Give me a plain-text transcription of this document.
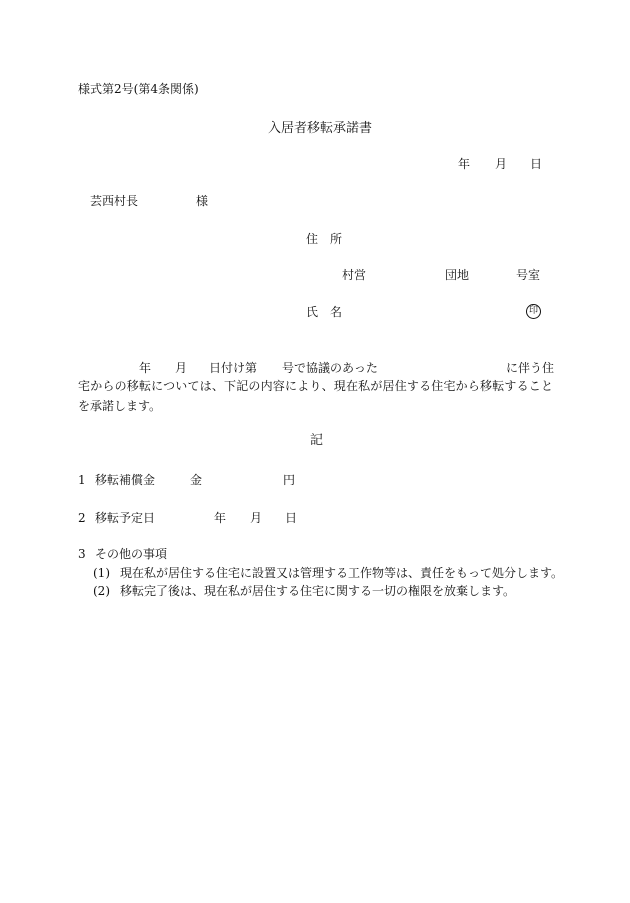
様式第2号(第4条関係)
入居者移転承諾書
年 月 日
芸西村長	様
住　所
村営	団地	号室
氏　名	印
年 月 日付け第 号で協議のあった	に伴う住
宅からの移転については、下記の内容により、現在私が居住する住宅から移転することを承諾します。
記
1 移転補償金	金	円
2 移転予定日	年 月 日
3 その他の事項
(1) 現在私が居住する住宅に設置又は管理する工作物等は、責任をもって処分します。
(2) 移転完了後は、現在私が居住する住宅に関する一切の権限を放棄します。
